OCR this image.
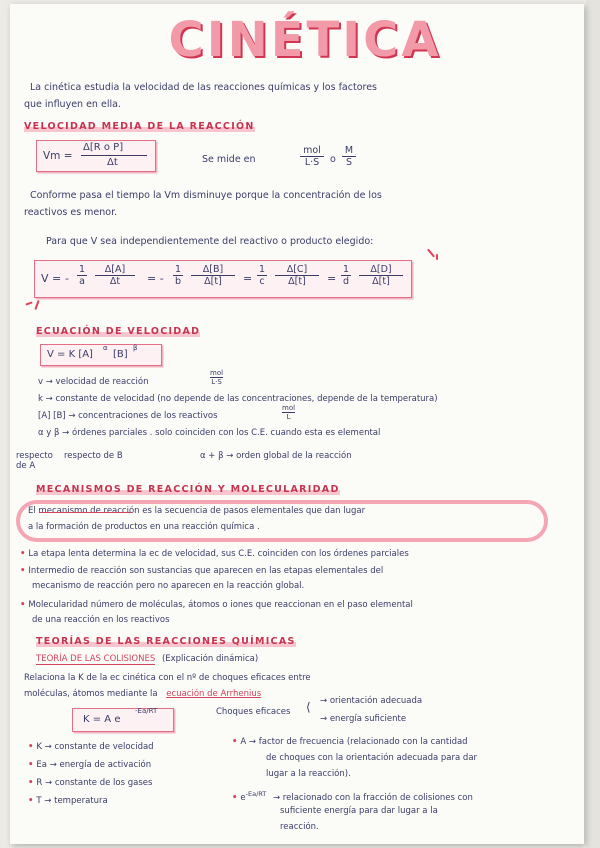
CINÉTICA
La cinética estudia la velocidad de las reacciones químicas y los factores
que influyen en ella.
VELOCIDAD MEDIA DE LA REACCIÓN
Vm =
Δ[R o P]
Δt	Se mide en
mol
L·S	o $\frac{M}{S}$
Conforme pasa el tiempo la Vm disminuye porque la concentración de los
reactivos es menor.
Para que V sea independientemente del reactivo o producto elegido:
V = - $\frac{1}{a} \frac{\Delta[A]}{\Delta t}$ = - $\frac{1}{b} \frac{\Delta[B]}{\Delta[t]} = \frac{1}{c} \frac{\Delta[C]}{\Delta[t]} = \frac{1}{d} \frac{\Delta[D]}{\Delta[t]}$
ECUACIÓN DE VELOCIDAD
V = K [A]
α
[B]
β
v → velocidad de reacción
mol
L·S
k → constante de velocidad (no depende de las concentraciones, depende de la temperatura)
[A] [B] → concentraciones de los reactivos
mol
L
α y β → órdenes parciales . solo coinciden con los C.E. cuando esta es elemental
respecto de A
respecto de B	α + β → orden global de la reacción
MECANISMOS DE REACCIÓN Y MOLECULARIDAD
El mecanismo de reacción es la secuencia de pasos elementales que dan lugar
a la formación de productos en una reacción química .
• La etapa lenta determina la ec de velocidad, sus C.E. coinciden con los órdenes parciales
• Intermedio de reacción son sustancias que aparecen en las etapas elementales del
mecanismo de reacción pero no aparecen en la reacción global.
• Molecularidad número de moléculas, átomos o iones que reaccionan en el paso elemental
de una reacción en los reactivos
TEORÍAS DE LAS REACCIONES QUÍMICAS
TEORÍA DE LAS COLISIONES (Explicación dinámica)
Relaciona la K de la ec cinética con el nº de choques eficaces entre
moléculas, átomos mediante la ecuación de Arrhenius
K = A e
-Ea/RT	Choques eficaces ⟨ → orientación adecuada
→ energía suficiente
• K → constante de velocidad
• Ea → energía de activación
• R → constante de los gases
• T → temperatura
• A → factor de frecuencia (relacionado con la cantidad
de choques con la orientación adecuada para dar
lugar a la reacción).
• $e^{-Ea/RT}$ → relacionado con la fracción de colisiones con
suficiente energía para dar lugar a la
reacción.
